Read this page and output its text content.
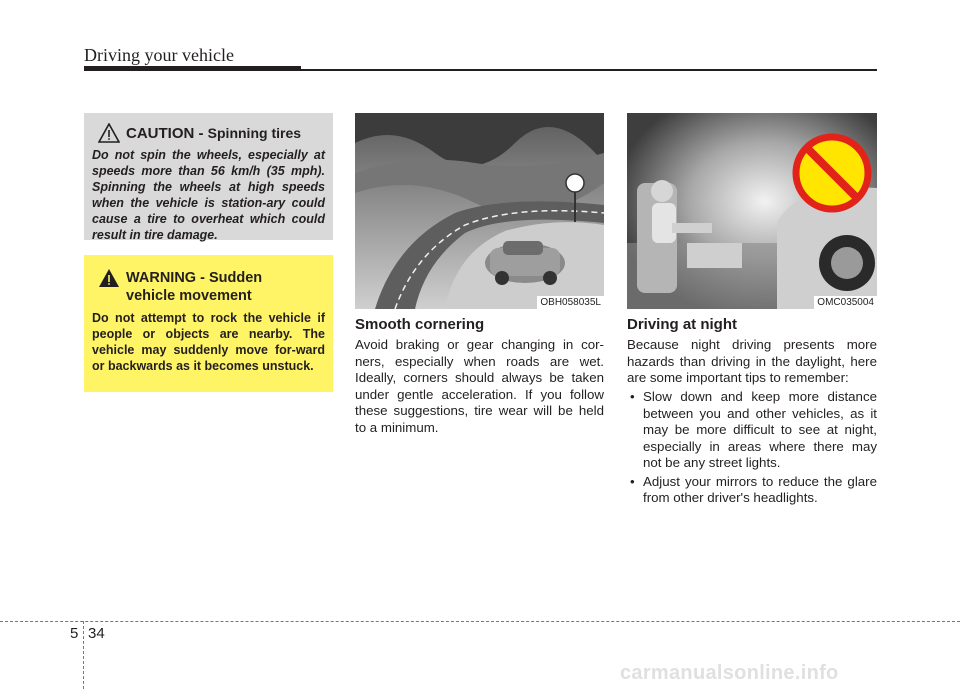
Driving your vehicle
CAUTION - Spinning tires
Do not spin the wheels, especially at speeds more than 56 km/h (35 mph). Spinning the wheels at high speeds when the vehicle is station-ary could cause a tire to overheat which could result in tire damage.
WARNING - Sudden vehicle movement
Do not attempt to rock the vehicle if people or objects are nearby. The vehicle may suddenly move for-ward or backwards as it becomes unstuck.
OBH058035L	OMC035004
Smooth cornering
Avoid braking or gear changing in cor-ners, especially when roads are wet. Ideally, corners should always be taken under gentle acceleration. If you follow these suggestions, tire wear will be held to a minimum.
Driving at night
Because night driving presents more hazards than driving in the daylight, here are some important tips to remember:
• Slow down and keep more distance between you and other vehicles, as it may be more difficult to see at night, especially in areas where there may not be any street lights.
• Adjust your mirrors to reduce the glare from other driver's headlights.
5 34
carmanualsonline.info
